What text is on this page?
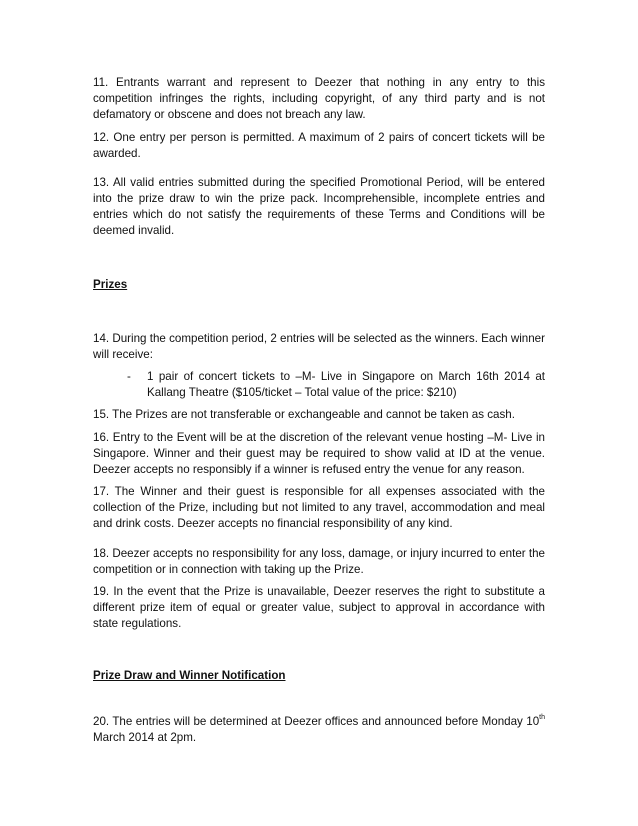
11. Entrants warrant and represent to Deezer that nothing in any entry to this competition infringes the rights, including copyright, of any third party and is not defamatory or obscene and does not breach any law.

12. One entry per person is permitted. A maximum of 2 pairs of concert tickets will be awarded.

13. All valid entries submitted during the specified Promotional Period, will be entered into the prize draw to win the prize pack. Incomprehensible, incomplete entries and entries which do not satisfy the requirements of these Terms and Conditions will be deemed invalid.

Prizes

14. During the competition period, 2 entries will be selected as the winners. Each winner will receive:

- 1 pair of concert tickets to –M- Live in Singapore on March 16th 2014 at Kallang Theatre ($105/ticket – Total value of the price: $210)

15. The Prizes are not transferable or exchangeable and cannot be taken as cash.

16. Entry to the Event will be at the discretion of the relevant venue hosting –M- Live in Singapore. Winner and their guest may be required to show valid at ID at the venue. Deezer accepts no responsibly if a winner is refused entry the venue for any reason.

17. The Winner and their guest is responsible for all expenses associated with the collection of the Prize, including but not limited to any travel, accommodation and meal and drink costs. Deezer accepts no financial responsibility of any kind.

18. Deezer accepts no responsibility for any loss, damage, or injury incurred to enter the competition or in connection with taking up the Prize.

19. In the event that the Prize is unavailable, Deezer reserves the right to substitute a different prize item of equal or greater value, subject to approval in accordance with state regulations.

Prize Draw and Winner Notification

20. The entries will be determined at Deezer offices and announced before Monday 10th March 2014 at 2pm.
